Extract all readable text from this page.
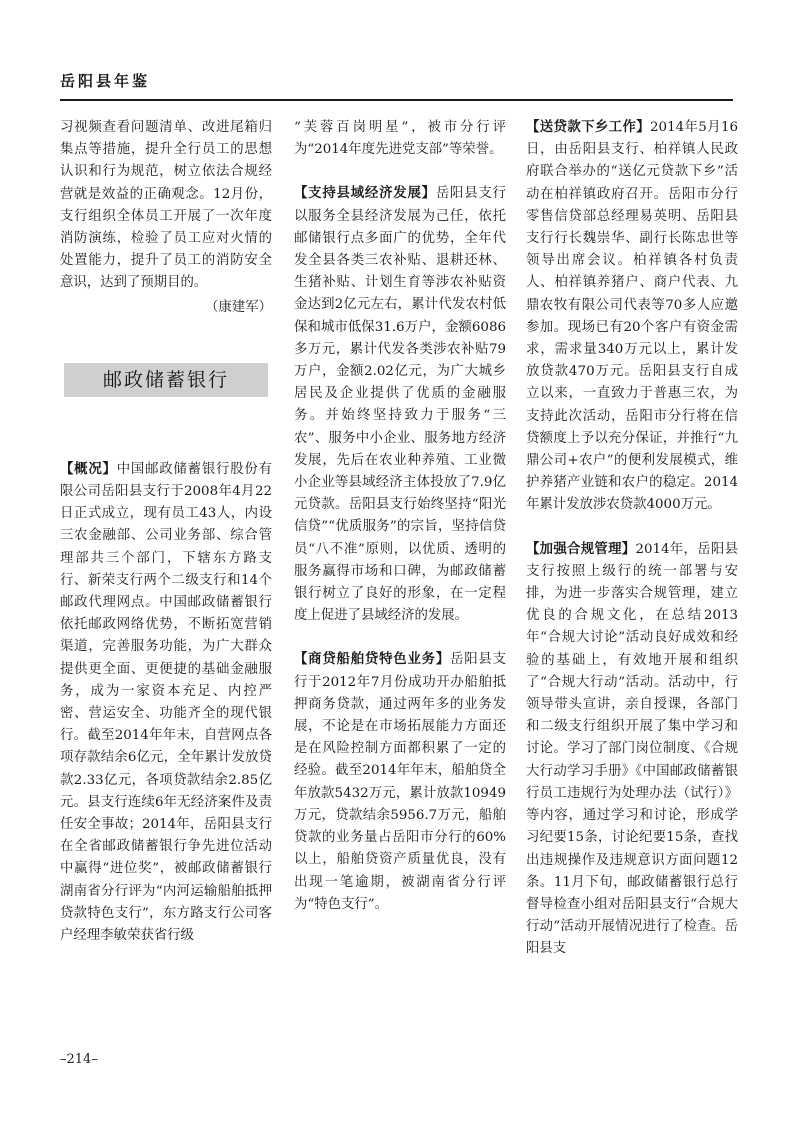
岳阳县年鉴

习视频查看问题清单、改进尾箱归集点等措施，提升全行员工的思想认识和行为规范，树立依法合规经营就是效益的正确观念。12月份，支行组织全体员工开展了一次年度消防演练，检验了员工应对火情的处置能力，提升了员工的消防安全意识，达到了预期目的。

（康建军）

邮政储蓄银行

【概况】中国邮政储蓄银行股份有限公司岳阳县支行于2008年4月22日正式成立，现有员工43人，内设三农金融部、公司业务部、综合管理部共三个部门，下辖东方路支行、新荣支行两个二级支行和14个邮政代理网点。中国邮政储蓄银行依托邮政网络优势，不断拓宽营销渠道，完善服务功能，为广大群众提供更全面、更便捷的基础金融服务，成为一家资本充足、内控严密、营运安全、功能齐全的现代银行。截至2014年年末，自营网点各项存款结余6亿元，全年累计发放贷款2.33亿元，各项贷款结余2.85亿元。县支行连续6年无经济案件及责任安全事故；2014年，岳阳县支行在全省邮政储蓄银行争先进位活动中赢得“进位奖”，被邮政储蓄银行湖南省分行评为“内河运输船舶抵押贷款特色支行”，东方路支行公司客户经理李敏荣获省行级

“芙蓉百岗明星”，被市分行评为“2014年度先进党支部”等荣誉。

【支持县域经济发展】岳阳县支行以服务全县经济发展为己任，依托邮储银行点多面广的优势，全年代发全县各类三农补贴、退耕还林、生猪补贴、计划生育等涉农补贴资金达到2亿元左右，累计代发农村低保和城市低保31.6万户，金额6086多万元，累计代发各类涉农补贴79万户，金额2.02亿元，为广大城乡居民及企业提供了优质的金融服务。并始终坚持致力于服务“三农”、服务中小企业、服务地方经济发展，先后在农业种养殖、工业微小企业等县域经济主体投放了7.9亿元贷款。岳阳县支行始终坚持“阳光信贷”“优质服务”的宗旨，坚持信贷员“八不准”原则，以优质、透明的服务赢得市场和口碑，为邮政储蓄银行树立了良好的形象，在一定程度上促进了县域经济的发展。

【商贷船舶贷特色业务】岳阳县支行于2012年7月份成功开办船舶抵押商务贷款，通过两年多的业务发展，不论是在市场拓展能力方面还是在风险控制方面都积累了一定的经验。截至2014年年末，船舶贷全年放款5432万元，累计放款10949万元，贷款结余5956.7万元，船舶贷款的业务量占岳阳市分行的60%以上，船舶贷资产质量优良，没有出现一笔逾期，被湖南省分行评为“特色支行”。

【送贷款下乡工作】2014年5月16日，由岳阳县支行、柏祥镇人民政府联合举办的“送亿元贷款下乡”活动在柏祥镇政府召开。岳阳市分行零售信贷部总经理易英明、岳阳县支行行长魏崇华、副行长陈忠世等领导出席会议。柏祥镇各村负责人、柏祥镇养猪户、商户代表、九鼎农牧有限公司代表等70多人应邀参加。现场已有20个客户有资金需求，需求量340万元以上，累计发放贷款470万元。岳阳县支行自成立以来，一直致力于普惠三农，为支持此次活动，岳阳市分行将在信贷额度上予以充分保证，并推行“九鼎公司+农户”的便利发展模式，维护养猪产业链和农户的稳定。2014年累计发放涉农贷款4000万元。

【加强合规管理】2014年，岳阳县支行按照上级行的统一部署与安排，为进一步落实合规管理，建立优良的合规文化，在总结2013年“合规大讨论”活动良好成效和经验的基础上，有效地开展和组织了“合规大行动”活动。活动中，行领导带头宣讲，亲自授课，各部门和二级支行组织开展了集中学习和讨论。学习了部门岗位制度、《合规大行动学习手册》《中国邮政储蓄银行员工违规行为处理办法（试行）》等内容，通过学习和讨论，形成学习纪要15条，讨论纪要15条，查找出违规操作及违规意识方面问题12条。11月下旬，邮政储蓄银行总行督导检查小组对岳阳县支行“合规大行动”活动开展情况进行了检查。岳阳县支

–214–
